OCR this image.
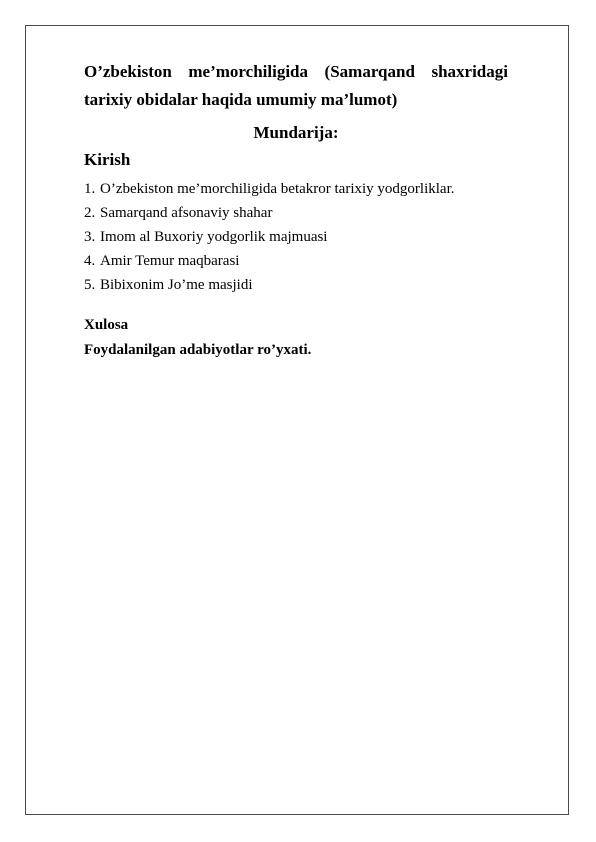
O’zbekiston me’morchiligida (Samarqand shaxridagi tarixiy obidalar haqida umumiy ma’lumot)
Mundarija:

Kirish

1. O’zbekiston me’morchiligida betakror tarixiy yodgorliklar.
2. Samarqand afsonaviy shahar
3. Imom al Buxoriy yodgorlik majmuasi
4. Amir Temur maqbarasi
5. Bibixonim Jo’me masjidi

Xulosa

Foydalanilgan adabiyotlar ro’yxati.
